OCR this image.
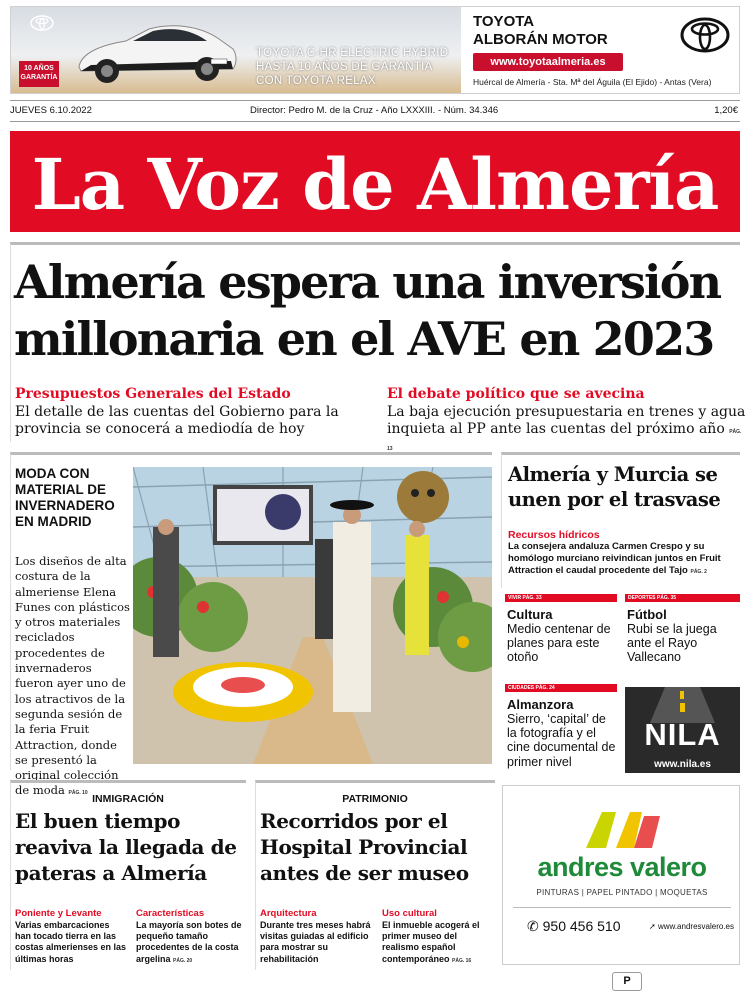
10 AÑOS GARANTÍA
TOYOTA C-HR ELECTRIC HYBRID
HASTA 10 AÑOS DE GARANTÍA
CON TOYOTA RELAX
TOYOTA
ALBORÁN MOTOR
www.toyotaalmeria.es
Huércal de Almería - Sta. Mª del Águila (El Ejido) - Antas (Vera)
JUEVES 6.10.2022	Director: Pedro M. de la Cruz - Año LXXXIII. - Núm. 34.346	1,20€
La Voz de Almería
Almería espera una inversión
millonaria en el AVE en 2023
Presupuestos Generales del Estado
El detalle de las cuentas del Gobierno para la provincia se conocerá a mediodía de hoy
El debate político que se avecina
La baja ejecución presupuestaria en trenes y agua inquieta al PP ante las cuentas del próximo año PÁG. 13
MODA CON MATERIAL DE INVERNADERO EN MADRID
Los diseños de alta costura de la almeriense Elena Funes con plásticos y otros materiales reciclados procedentes de invernaderos fueron ayer uno de los atractivos de la segunda sesión de la feria Fruit Attraction, donde se presentó la original colección de moda PÁG. 10
Almería y Murcia se unen por el trasvase
Recursos hídricos
La consejera andaluza Carmen Crespo y su homólogo murciano reivindican juntos en Fruit Attraction el caudal procedente del Tajo PÁG. 2
VIVIR PÁG. 33
Cultura
Medio centenar de planes para este otoño
DEPORTES PÁG. 35
Fútbol
Rubi se la juega ante el Rayo Vallecano
CIUDADES PÁG. 24
Almanzora
Sierro, ‘capital’ de la fotografía y el cine documental de primer nivel
NILA
www.nila.es
INMIGRACIÓN
El buen tiempo
reaviva la llegada de
pateras a Almería
Poniente y Levante
Varias embarcaciones han tocado tierra en las costas almerienses en las últimas horas
Características
La mayoría son botes de pequeño tamaño procedentes de la costa argelina PÁG. 20
PATRIMONIO
Recorridos por el
Hospital Provincial
antes de ser museo
Arquitectura
Durante tres meses habrá visitas guiadas al edificio para mostrar su rehabilitación
Uso cultural
El inmueble acogerá el primer museo del realismo español contemporáneo PÁG. 16
andres valero
PINTURAS | PAPEL PINTADO | MOQUETAS
✆ 950 456 510	➚ www.andresvalero.es
P
